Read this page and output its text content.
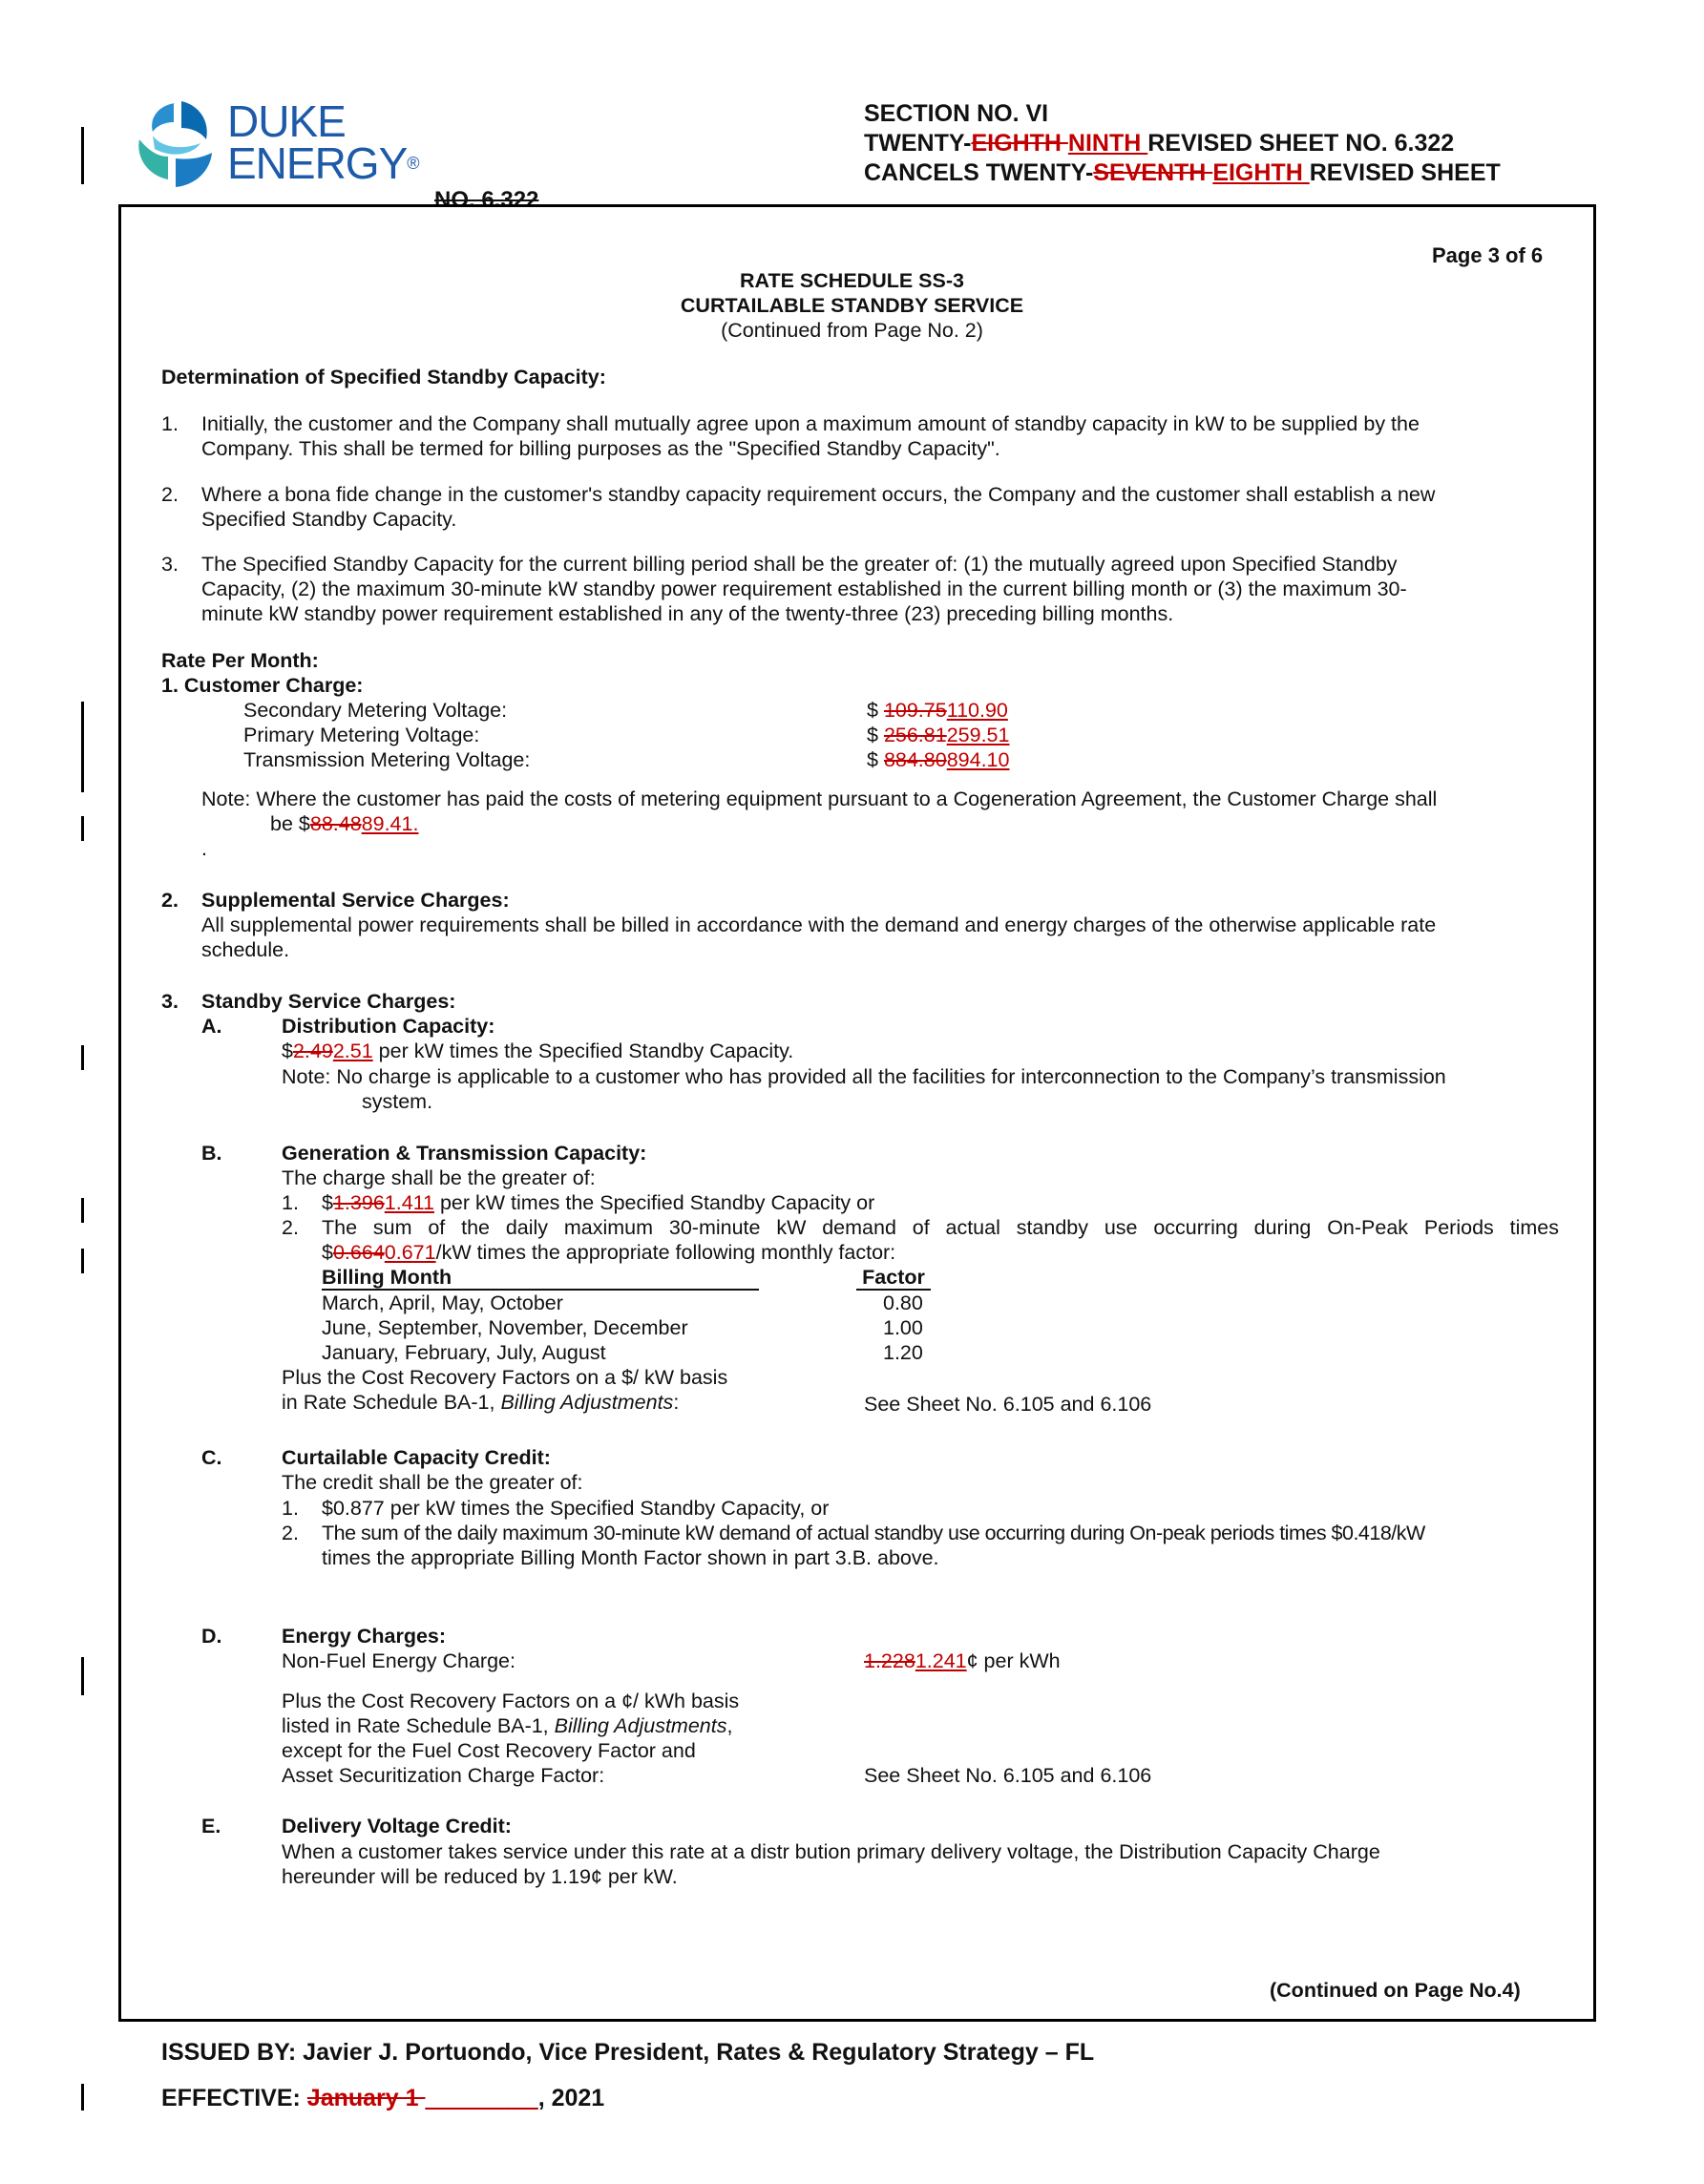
DUKE
ENERGY®
NO. 6.322
SECTION NO. VI
TWENTY-EIGHTH NINTH REVISED SHEET NO. 6.322
CANCELS TWENTY-SEVENTH EIGHTH REVISED SHEET
Page 3 of 6
RATE SCHEDULE SS-3
CURTAILABLE STANDBY SERVICE
(Continued from Page No. 2)
Determination of Specified Standby Capacity:
1. Initially, the customer and the Company shall mutually agree upon a maximum amount of standby capacity in kW to be supplied by the
Company. This shall be termed for billing purposes as the "Specified Standby Capacity".
2. Where a bona fide change in the customer's standby capacity requirement occurs, the Company and the customer shall establish a new
Specified Standby Capacity.
3. The Specified Standby Capacity for the current billing period shall be the greater of: (1) the mutually agreed upon Specified Standby
Capacity, (2) the maximum 30-minute kW standby power requirement established in the current billing month or (3) the maximum 30-
minute kW standby power requirement established in any of the twenty-three (23) preceding billing months.
Rate Per Month:
1. Customer Charge:
Secondary Metering Voltage:	$ 109.75110.90
Primary Metering Voltage:	$ 256.81259.51
Transmission Metering Voltage:	$ 884.80894.10
Note: Where the customer has paid the costs of metering equipment pursuant to a Cogeneration Agreement, the Customer Charge shall
be $88.4889.41.
.
2. Supplemental Service Charges:
All supplemental power requirements shall be billed in accordance with the demand and energy charges of the otherwise applicable rate
schedule.
3. Standby Service Charges:
A.	Distribution Capacity:
$2.492.51 per kW times the Specified Standby Capacity.
Note: No charge is applicable to a customer who has provided all the facilities for interconnection to the Company’s transmission
system.
B.	Generation & Transmission Capacity:
The charge shall be the greater of:
1. $1.3961.411 per kW times the Specified Standby Capacity or
2. The sum of the daily maximum 30-minute kW demand of actual standby use occurring during On-Peak Periods times
$0.6640.671/kW times the appropriate following monthly factor:
Billing Month	Factor
March, April, May, October	0.80
June, September, November, December	1.00
January, February, July, August	1.20
Plus the Cost Recovery Factors on a $/ kW basis
in Rate Schedule BA-1, Billing Adjustments:	See Sheet No. 6.105 and 6.106
C.	Curtailable Capacity Credit:
The credit shall be the greater of:
1. $0.877 per kW times the Specified Standby Capacity, or
2. The sum of the daily maximum 30-minute kW demand of actual standby use occurring during On-peak periods times $0.418/kW
times the appropriate Billing Month Factor shown in part 3.B. above.
D.	Energy Charges:
Non-Fuel Energy Charge:	1.2281.241¢ per kWh
Plus the Cost Recovery Factors on a ¢/ kWh basis
listed in Rate Schedule BA-1, Billing Adjustments,
except for the Fuel Cost Recovery Factor and
Asset Securitization Charge Factor:	See Sheet No. 6.105 and 6.106
E.	Delivery Voltage Credit:
When a customer takes service under this rate at a distr bution primary delivery voltage, the Distribution Capacity Charge
hereunder will be reduced by 1.19¢ per kW.
(Continued on Page No.4)
ISSUED BY: Javier J. Portuondo, Vice President, Rates & Regulatory Strategy – FL
EFFECTIVE: January 1 ______ __, 2021
